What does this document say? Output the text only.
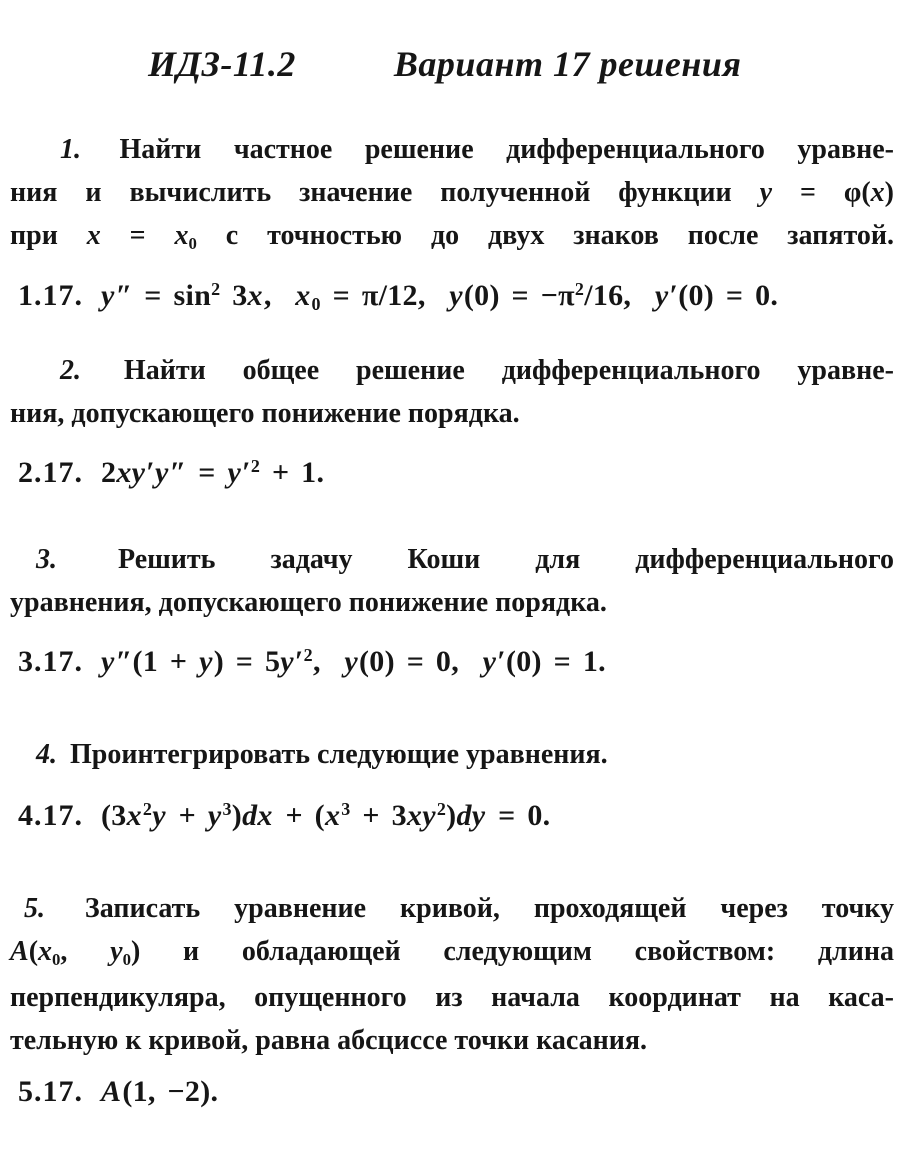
ИДЗ-11.2	Вариант 17 решения
1. Найти частное решение дифференциального уравне-
ния и вычислить значение полученной функции y = φ(x)
при $x = x_0$ с точностью до двух знаков после запятой.
1.17. $y'' = \sin^2 3x$,  $x_0 = \pi/12$,  $y(0) = -\pi^2/16$,  y′(0) = 0.
2. Найти общее решение дифференциального уравне-
ния, допускающего понижение порядка.
2.17. $2xy'y'' = y'^2 + 1$.
3. Решить задачу Коши для дифференциального
уравнения, допускающего понижение порядка.
3.17. $y''(1 + y) = 5y'^2$,  y(0) = 0,  y′(0) = 1.
4. Проинтегрировать следующие уравнения.
4.17. $(3x^2y + y^3)dx + (x^3 + 3xy^2)dy = 0$.
5. Записать уравнение кривой, проходящей через точку
$A(x_0$, $y_0$) и обладающей следующим свойством: длина
перпендикуляра, опущенного из начала координат на каса-
тельную к кривой, равна абсциссе точки касания.
5.17. A(1, −2).
